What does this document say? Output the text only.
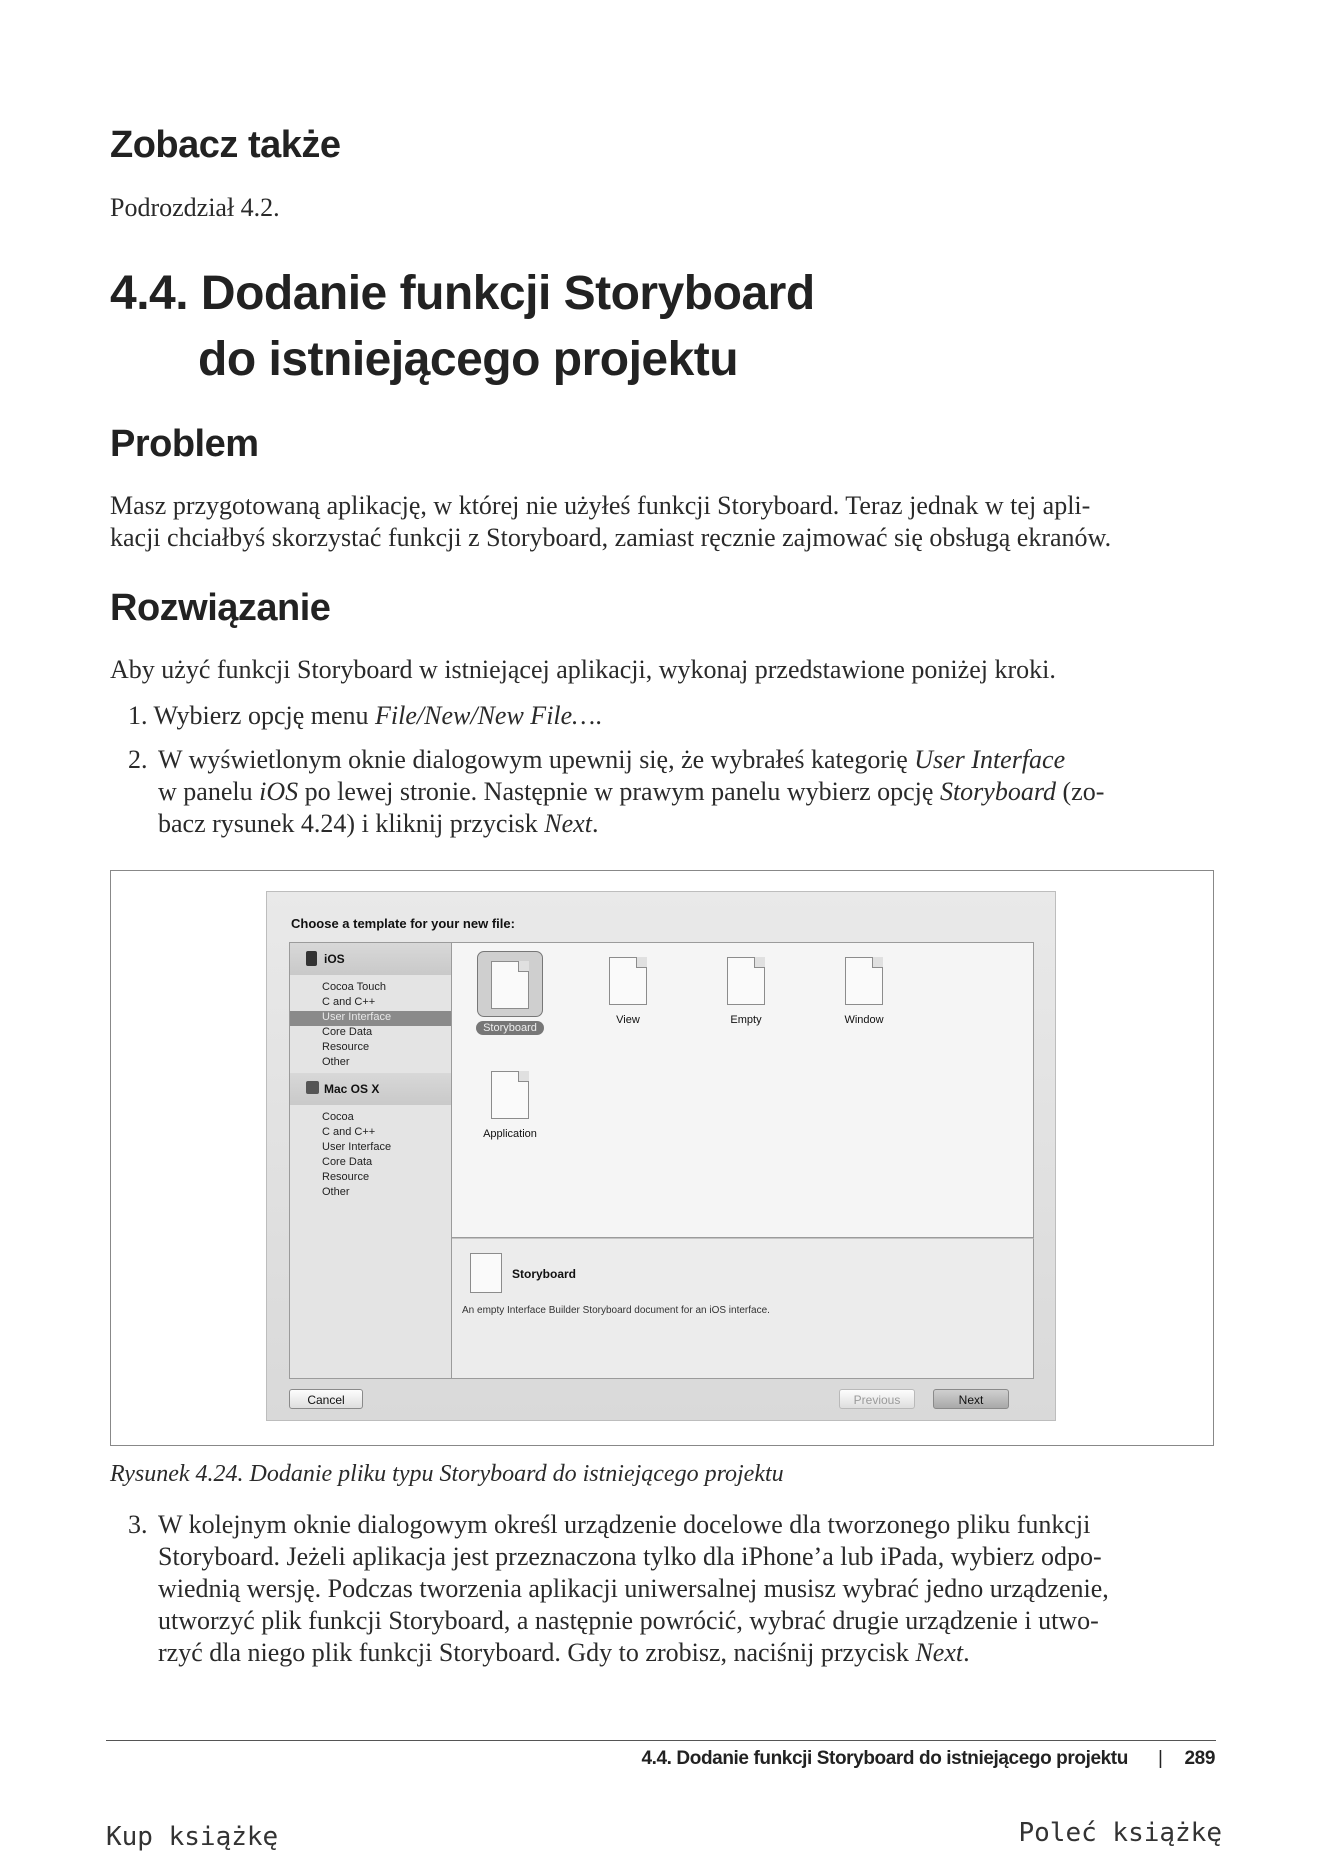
Zobacz także
Podrozdział 4.2.
4.4. Dodanie funkcji Storyboard
do istniejącego projektu
Problem
Masz przygotowaną aplikację, w której nie użyłeś funkcji Storyboard. Teraz jednak w tej apli-
kacji chciałbyś skorzystać funkcji z Storyboard, zamiast ręcznie zajmować się obsługą ekranów.
Rozwiązanie
Aby użyć funkcji Storyboard w istniejącej aplikacji, wykonaj przedstawione poniżej kroki.
1. Wybierz opcję menu File/New/New File….
2. W wyświetlonym oknie dialogowym upewnij się, że wybrałeś kategorię User Interface
w panelu iOS po lewej stronie. Następnie w prawym panelu wybierz opcję Storyboard (zo-
bacz rysunek 4.24) i kliknij przycisk Next.
Choose a template for your new file:
iOS
Cocoa Touch
C and C++
User Interface
Core Data
Resource
Other
Mac OS X
Cocoa
C and C++
User Interface
Core Data
Resource
Other
Storyboard
View	Empty	Window
Application
Storyboard
An empty Interface Builder Storyboard document for an iOS interface.
Cancel	Previous	Next
Rysunek 4.24. Dodanie pliku typu Storyboard do istniejącego projektu
3. W kolejnym oknie dialogowym określ urządzenie docelowe dla tworzonego pliku funkcji
Storyboard. Jeżeli aplikacja jest przeznaczona tylko dla iPhone’a lub iPada, wybierz odpo-
wiednią wersję. Podczas tworzenia aplikacji uniwersalnej musisz wybrać jedno urządzenie,
utworzyć plik funkcji Storyboard, a następnie powrócić, wybrać drugie urządzenie i utwo-
rzyć dla niego plik funkcji Storyboard. Gdy to zrobisz, naciśnij przycisk Next.
4.4. Dodanie funkcji Storyboard do istniejącego projektu | 289
Kup książkę	Poleć książkę
